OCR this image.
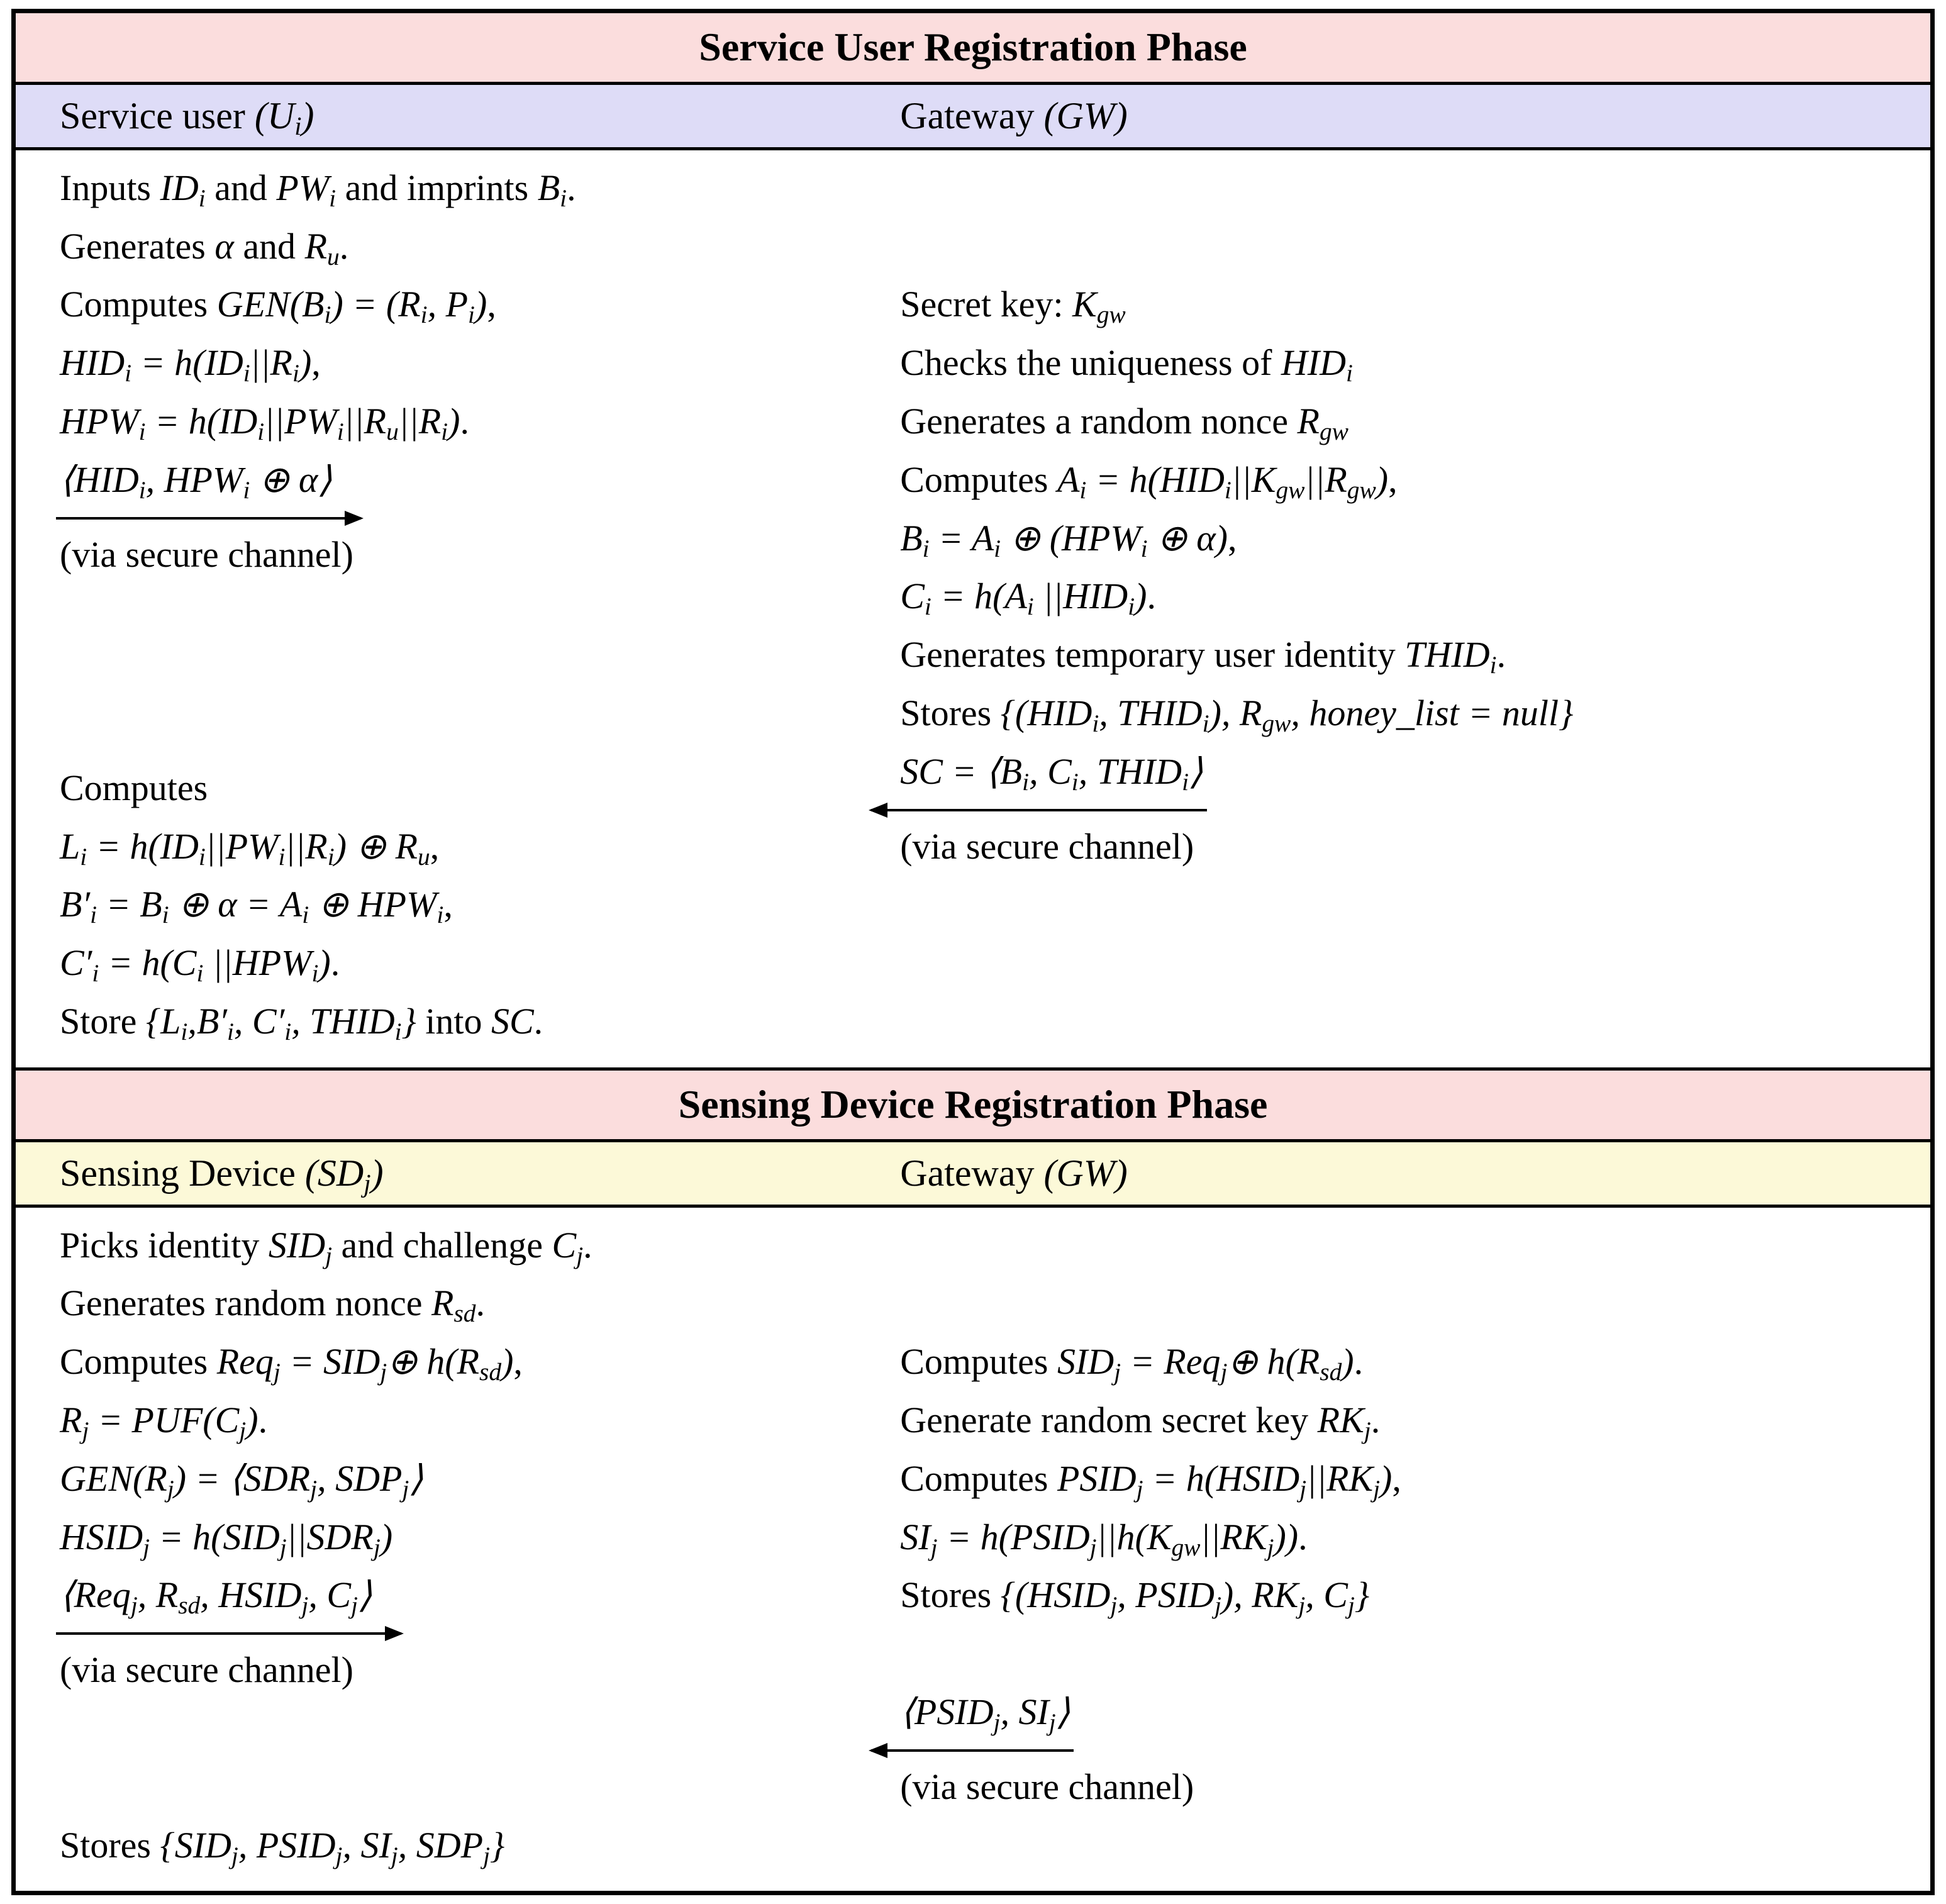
Service User Registration Phase
Service user $(U_i)$	Gateway (GW)
Inputs $ID_i$ and $PW_i$ and imprints $B_i$.
Generates α and $R_u$.
Computes $GEN(B_i) = (R_i$, $P_i$),
$HID_i = h(ID_i||R_i)$,
$HPW_i = h(ID_i||PW_i||R_u||R_i)$.
$⟨HID_i$, $HPW_i$ ⊕ α⟩
(via secure channel)
Computes
$L_i = h(ID_i||PW_i||R_i)$ ⊕ $R_u$,
$B'_i = B_i$ ⊕ $\alpha = A_i$ ⊕ $HPW_i$,
$C'_i = h(C_i$ $||HPW_i$).
Store {$L_i,B'_i$, $C'_i$, $THID_i$} into SC.
Secret key: $K_{gw}$
Checks the uniqueness of $HID_i$
Generates a random nonce $R_{gw}$
Computes $A_i = h(HID_i||K_{gw}||R_{gw})$,
$B_i = A_i$ ⊕ ($HPW_i$ ⊕ α),
$C_i = h(A_i$ $||HID_i$).
Generates temporary user identity $THID_i$.
Stores {($HID_i$, $THID_i$), $R_{gw}$, honey_list = null}
SC = $⟨B_i$, $C_i$, $THID_i⟩$
(via secure channel)
Sensing Device Registration Phase
Sensing Device $(SD_j)$	Gateway (GW)
Picks identity $SID_j$ and challenge $C_j$.
Generates random nonce $R_{sd}$.
Computes $Req_j = SID_j\oplus$ $h(R_{sd})$,
$R_j = PUF(C_j)$.
$GEN(R_j)$ = $⟨SDR_j$, $SDP_j⟩$
$HSID_j = h(SID_j||SDR_j)$
⟨Req$_j$, $R_{sd}$, $HSID_j$, $C_j⟩$
(via secure channel)
Stores {$SID_j$, $PSID_j$, $SI_j$, $SDP_j$}
Computes $SID_j$ = Req$_j$⊕ $h(R_{sd})$.
Generate random secret key $RK_j$.
Computes $PSID_j$ = $h(HSID_j||RK_j)$,
$SI_j$ = $h(PSID_j||h(K_{gw}||RK_j))$.
Stores {($HSID_j$, $PSID_j$), $RK_j$, $C_j$}
$⟨PSID_j$, $SI_j⟩$
(via secure channel)
